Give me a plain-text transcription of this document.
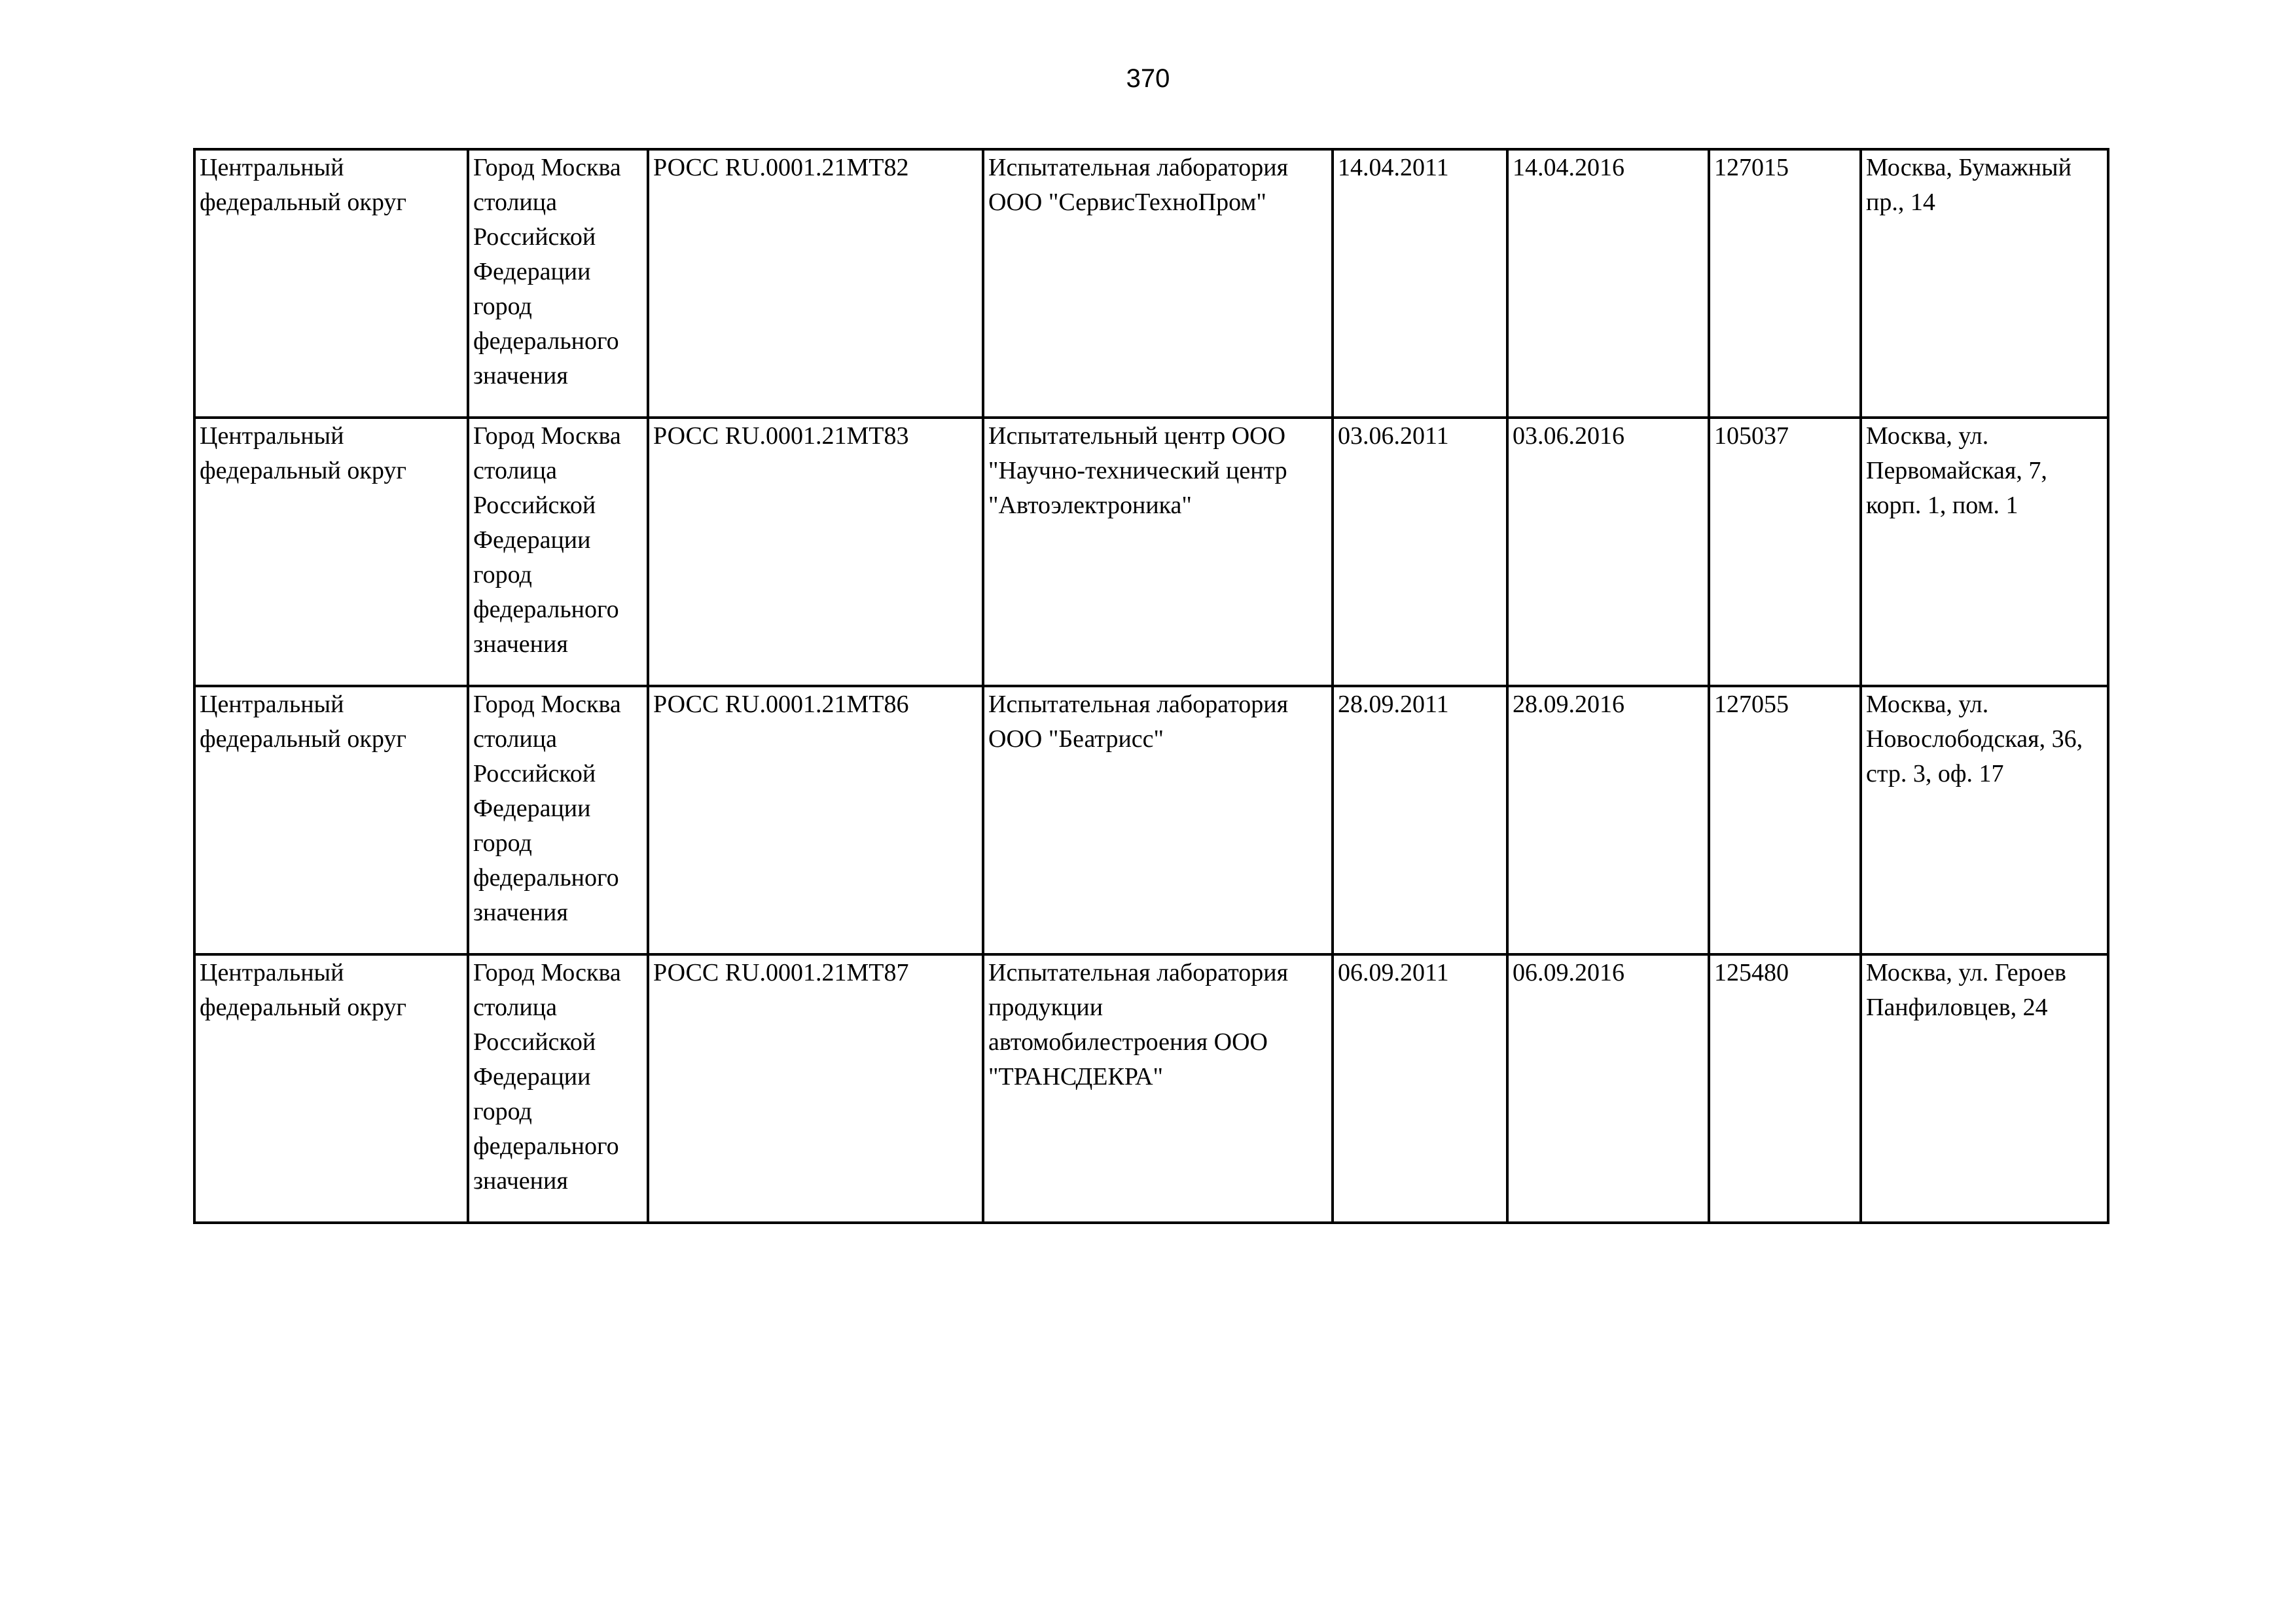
370
Центральный федеральный округ	Город Москва столица Российской Федерации город федерального значения	РОСС RU.0001.21МТ82	Испытательная лаборатория ООО "СервисТехноПром"	14.04.2011	14.04.2016	127015	Москва, Бумажный пр., 14

Центральный федеральный округ	Город Москва столица Российской Федерации город федерального значения	РОСС RU.0001.21МТ83	Испытательный центр ООО "Научно-технический центр "Автоэлектроника"	03.06.2011	03.06.2016	105037	Москва, ул. Первомайская, 7, корп. 1, пом. 1

Центральный федеральный округ	Город Москва столица Российской Федерации город федерального значения	РОСС RU.0001.21МТ86	Испытательная лаборатория ООО "Беатрисс"	28.09.2011	28.09.2016	127055	Москва, ул. Новослободская, 36, стр. 3, оф. 17

Центральный федеральный округ	Город Москва столица Российской Федерации город федерального значения	РОСС RU.0001.21МТ87	Испытательная лаборатория продукции автомобилестроения ООО "ТРАНСДЕКРА"	06.09.2011	06.09.2016	125480	Москва, ул. Героев Панфиловцев, 24
